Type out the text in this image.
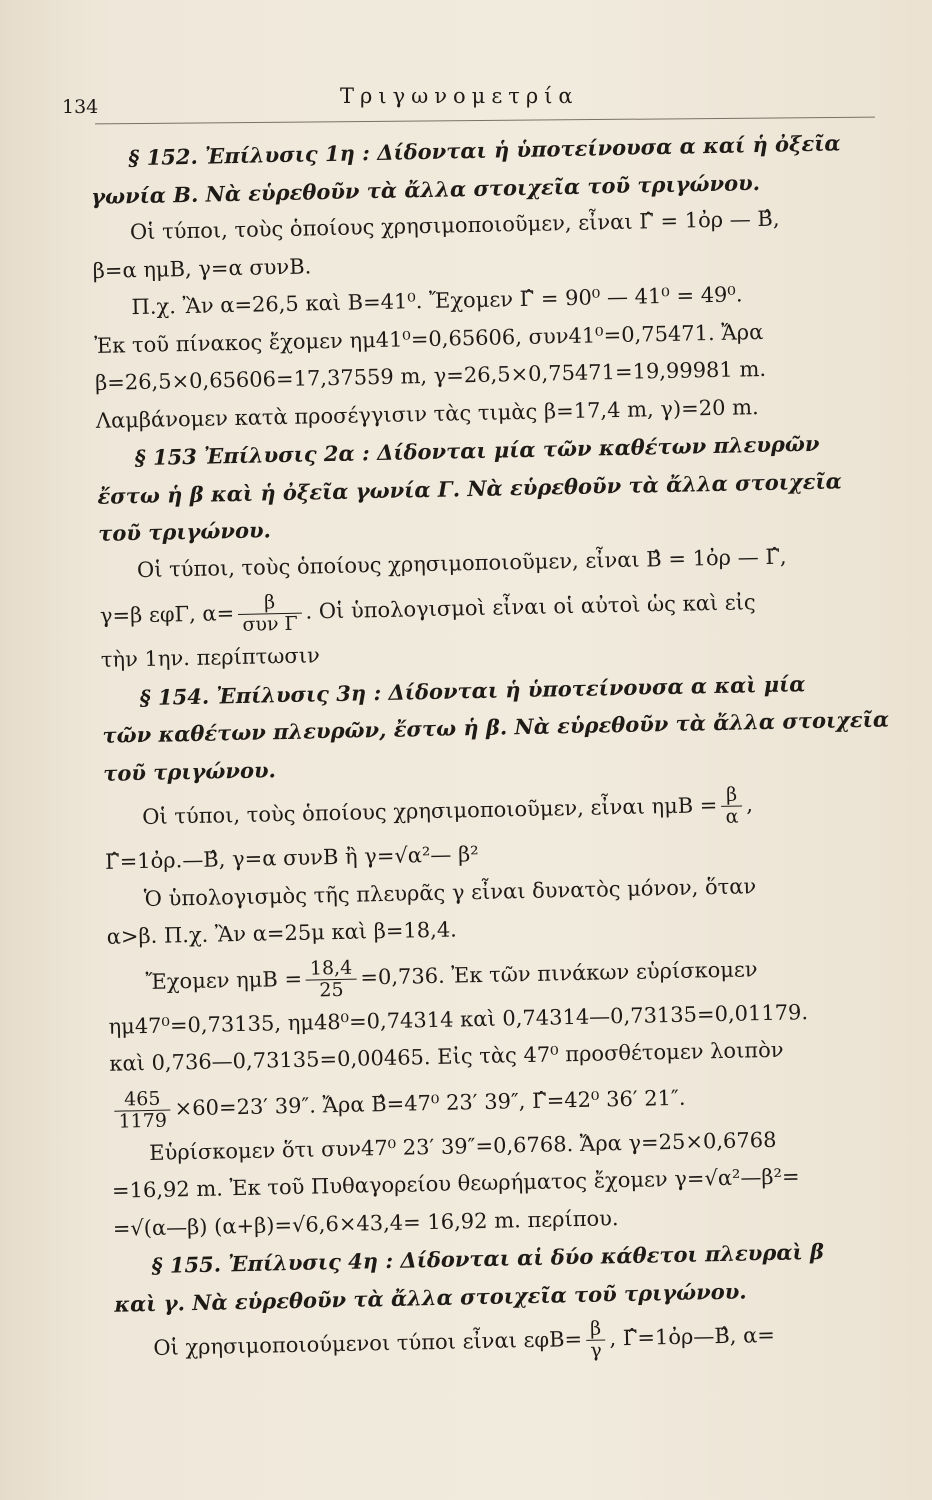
134	Τριγωνομετρία
§ 152. Ἐπίλυσις 1η : Δίδονται ἡ ὑποτείνουσα α καί ἡ ὀξεῖα
γωνία Β. Νὰ εὑρεθοῦν τὰ ἄλλα στοιχεῖα τοῦ τριγώνου.
Οἱ τύποι, τοὺς ὁποίους χρησιμοποιοῦμεν, εἶναι Γ̂ = 1ὀρ — Β̂,
β=α ημΒ, γ=α συνΒ.
Π.χ. Ἂν α=26,5 καὶ Β=41⁰. Ἔχομεν Γ̂ = 90⁰ — 41⁰ = 49⁰.
Ἐκ τοῦ πίνακος ἔχομεν ημ41⁰=0,65606, συν41⁰=0,75471. Ἄρα
β=26,5×0,65606=17,37559 m, γ=26,5×0,75471=19,99981 m.
Λαμβάνομεν κατὰ προσέγγισιν τὰς τιμὰς β=17,4 m, γ)=20 m.
§ 153 Ἐπίλυσις 2α : Δίδονται μία τῶν καθέτων πλευρῶν
ἔστω ἡ β καὶ ἡ ὀξεῖα γωνία Γ. Νὰ εὑρεθοῦν τὰ ἄλλα στοιχεῖα
τοῦ τριγώνου.
Οἱ τύποι, τοὺς ὁποίους χρησιμοποιοῦμεν, εἶναι Β̂ = 1ὀρ — Γ̂,
γ=β εφΓ, $\alpha= \frac{\beta}{\text{συν Γ}}$ . Οἱ ὑπολογισμοὶ εἶναι οἱ αὐτοὶ ὡς καὶ εἰς
τὴν 1ην. περίπτωσιν
§ 154. Ἐπίλυσις 3η : Δίδονται ἡ ὑποτείνουσα α καὶ μία
τῶν καθέτων πλευρῶν, ἔστω ἡ β. Νὰ εὑρεθοῦν τὰ ἄλλα στοιχεῖα
τοῦ τριγώνου.
Οἱ τύποι, τοὺς ὁποίους χρησιμοποιοῦμεν, εἶναι $\eta\mu B = \frac{\beta}{\alpha}$ ,
Γ̂=1ὀρ.—Β̂, γ=α συνΒ ἢ γ=√α²— β²
Ὁ ὑπολογισμὸς τῆς πλευρᾶς γ εἶναι δυνατὸς μόνον, ὅταν
α>β. Π.χ. Ἂν α=25μ καὶ β=18,4.
Ἔχομεν $\eta\mu B = \frac{18,4}{25} =0,736$. Ἐκ τῶν πινάκων εὑρίσκομεν
ημ47⁰=0,73135, ημ48⁰=0,74314 καὶ 0,74314—0,73135=0,01179.
καὶ 0,736—0,73135=0,00465. Εἰς τὰς 47⁰ προσθέτομεν λοιπὸν
$\frac{465}{1179} \times 60=23'$ 39″. Ἄρα Β̂=47⁰ 23′ 39″, Γ̂=42⁰ 36′ 21″.
Εὑρίσκομεν ὅτι συν47⁰ 23′ 39″=0,6768. Ἄρα γ=25×0,6768
=16,92 m. Ἐκ τοῦ Πυθαγορείου θεωρήματος ἔχομεν γ=√α²—β²=
=√(α—β) (α+β)=√6,6×43,4= 16,92 m. περίπου.
§ 155. Ἐπίλυσις 4η : Δίδονται αἱ δύο κάθετοι πλευραὶ β
καὶ γ. Νὰ εὑρεθοῦν τὰ ἄλλα στοιχεῖα τοῦ τριγώνου.
Οἱ χρησιμοποιούμενοι τύποι εἶναι $\varepsilon\varphi B= \frac{\beta}{\gamma}$ , Γ̂=1ὀρ—Β̂, α=
